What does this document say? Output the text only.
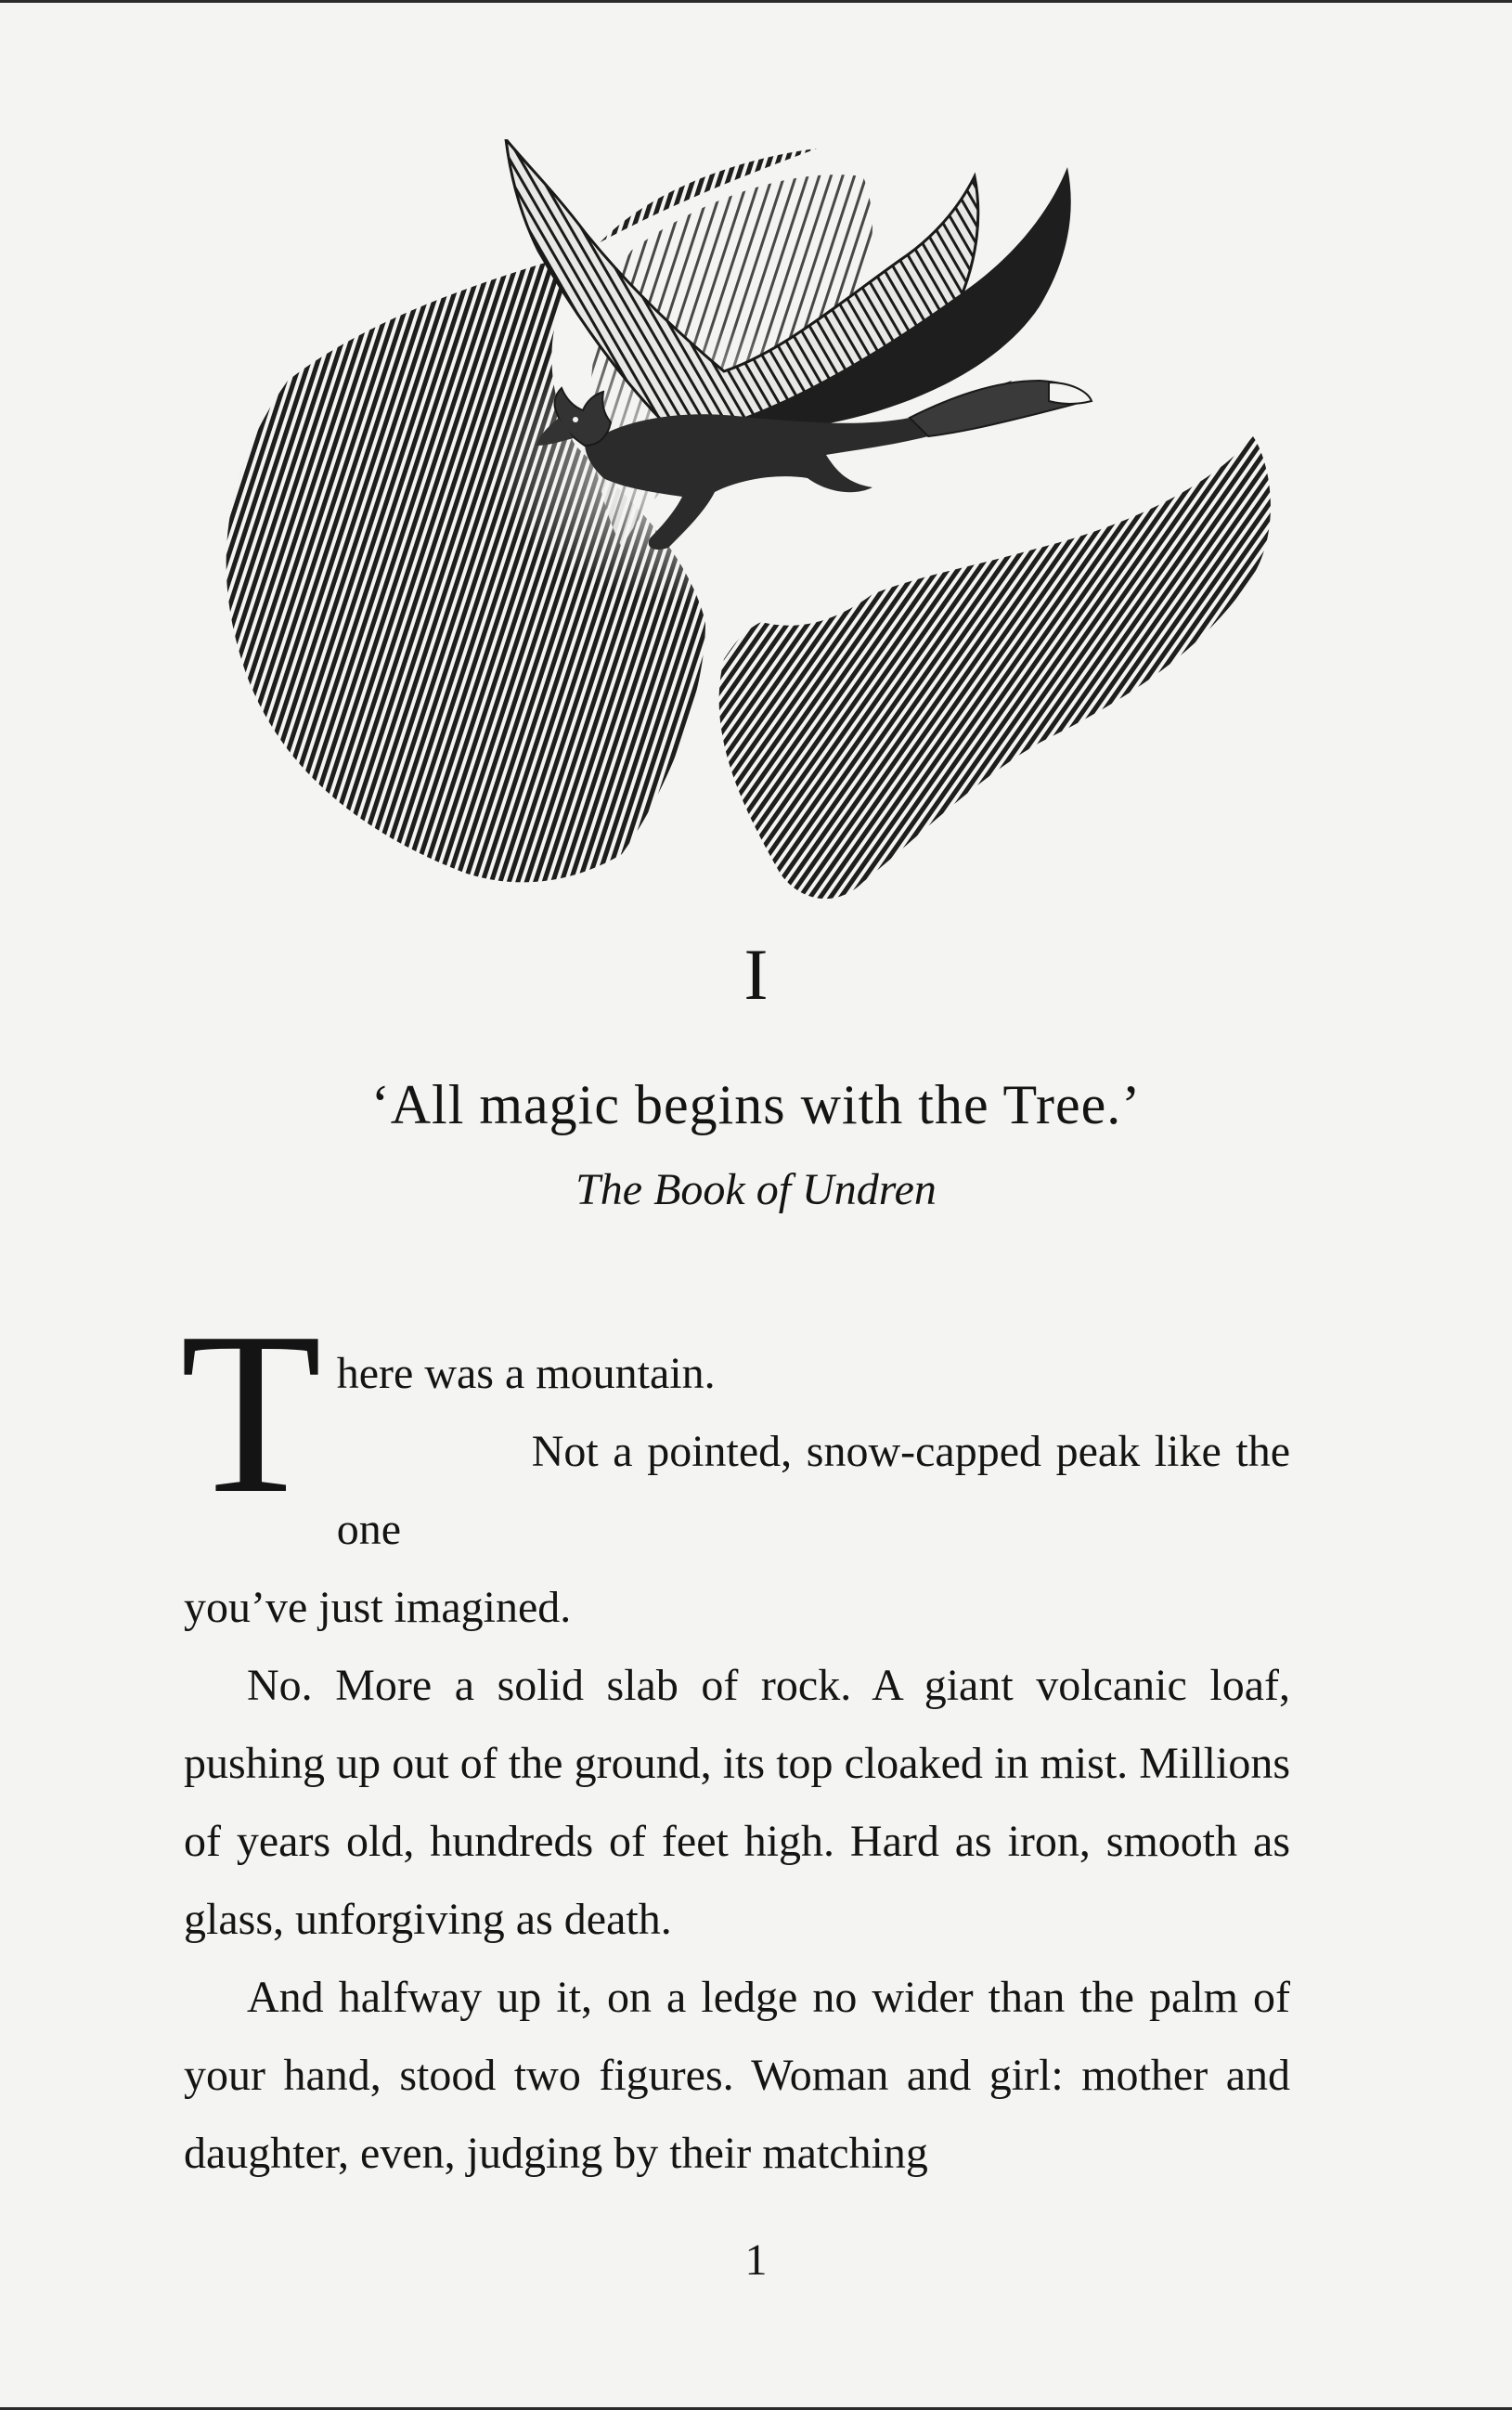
I
‘All magic begins with the Tree.’
The Book of Undren

T here was a mountain.

Not a pointed, snow-capped peak like the one

you’ve just imagined.

No. More a solid slab of rock. A giant volcanic loaf, pushing up out of the ground, its top cloaked in mist. Millions of years old, hundreds of feet high. Hard as iron, smooth as glass, unforgiving as death.

And halfway up it, on a ledge no wider than the palm of your hand, stood two figures. Woman and girl: mother and daughter, even, judging by their matching

1
